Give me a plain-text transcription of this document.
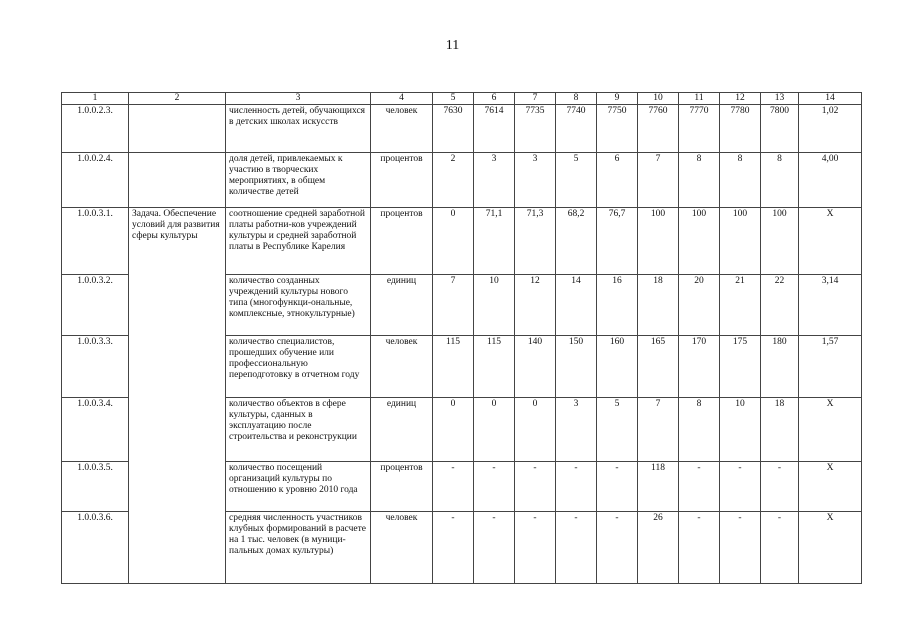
11
1	2	3	4	5	6	7	8	9	10	11	12	13	14
1.0.0.2.3.		численность детей, обучающихся в детских школах искусств	человек	7630	7614	7735	7740	7750	7760	7770	7780	7800	1,02
1.0.0.2.4.		доля детей, привлекаемых к участию в творческих мероприятиях, в общем количестве детей	процентов	2	3	3	5	6	7	8	8	8	4,00
1.0.0.3.1.	Задача. Обеспечение условий для развития сферы культуры	соотношение средней заработной платы работни-ков учреждений культуры и средней заработной платы в Республике Карелия	процентов	0	71,1	71,3	68,2	76,7	100	100	100	100	X
1.0.0.3.2.		количество созданных учреждений культуры нового типа (многофункци-ональные, комплексные, этнокультурные)	единиц	7	10	12	14	16	18	20	21	22	3,14
1.0.0.3.3.		количество специалистов, прошедших обучение или профессиональную переподготовку в отчетном году	человек	115	115	140	150	160	165	170	175	180	1,57
1.0.0.3.4.		количество объектов в сфере культуры, сданных в эксплуатацию после строительства и реконструкции	единиц	0	0	0	3	5	7	8	10	18	X
1.0.0.3.5.		количество посещений организаций культуры по отношению к уровню 2010 года	процентов	-	-	-	-	-	118	-	-	-	X
1.0.0.3.6.		средняя численность участников клубных формирований в расчете на 1 тыс. человек (в муници-пальных домах культуры)	человек	-	-	-	-	-	26	-	-	-	X
